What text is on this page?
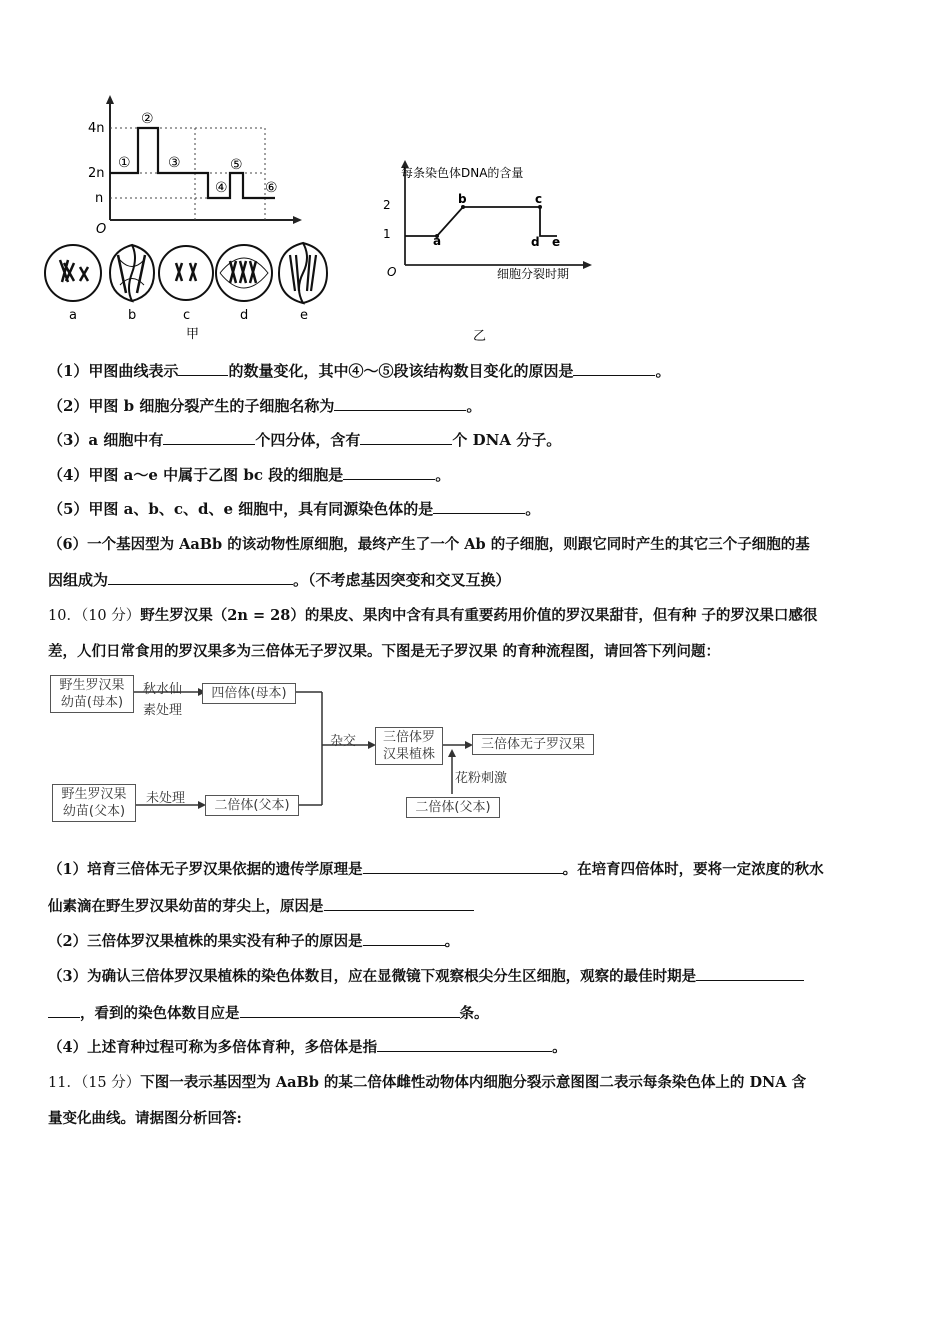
4n
2n
n
O
①
②
③
④
⑤
⑥
a	b	c	d	e
甲
每条染色体DNA的含量
细胞分裂时期
O
2
1	a
b	c
d e
乙
（1）甲图曲线表示	的数量变化，其中④～⑤段该结构数目变化的原因是	。
（2）甲图 b 细胞分裂产生的子细胞名称为	。
（3）a 细胞中有	个四分体，含有	个 DNA 分子。
（4）甲图 a～e 中属于乙图 bc 段的细胞是	。
（5）甲图 a、b、c、d、e 细胞中，具有同源染色体的是	。
（6）一个基因型为 AaBb 的该动物性原细胞，最终产生了一个 Ab 的子细胞，则跟它同时产生的其它三个子细胞的基
因组成为	。（不考虑基因突变和交叉互换）
10．（10 分）野生罗汉果（2n = 28）的果皮、果肉中含有具有重要药用价值的罗汉果甜苷，但有种 子的罗汉果口感很
差，人们日常食用的罗汉果多为三倍体无子罗汉果。下图是无子罗汉果 的育种流程图，请回答下列问题：
野生罗汉果
幼苗(母本)
秋水仙
素处理
四倍体(母本)
杂交	三倍体罗
汉果植株
三倍体无子罗汉果
花粉刺激
野生罗汉果
幼苗(父本)
未处理	二倍体(父本)	二倍体(父本)
（1）培育三倍体无子罗汉果依据的遗传学原理是	。在培育四倍体时，要将一定浓度的秋水
仙素滴在野生罗汉果幼苗的芽尖上，原因是
（2）三倍体罗汉果植株的果实没有种子的原因是	。
（3）为确认三倍体罗汉果植株的染色体数目，应在显微镜下观察根尖分生区细胞，观察的最佳时期是
，看到的染色体数目应是	条。
（4）上述育种过程可称为多倍体育种，多倍体是指	。
11．（15 分）下图一表示基因型为 AaBb 的某二倍体雌性动物体内细胞分裂示意图图二表示每条染色体上的 DNA 含
量变化曲线。请据图分析回答:
